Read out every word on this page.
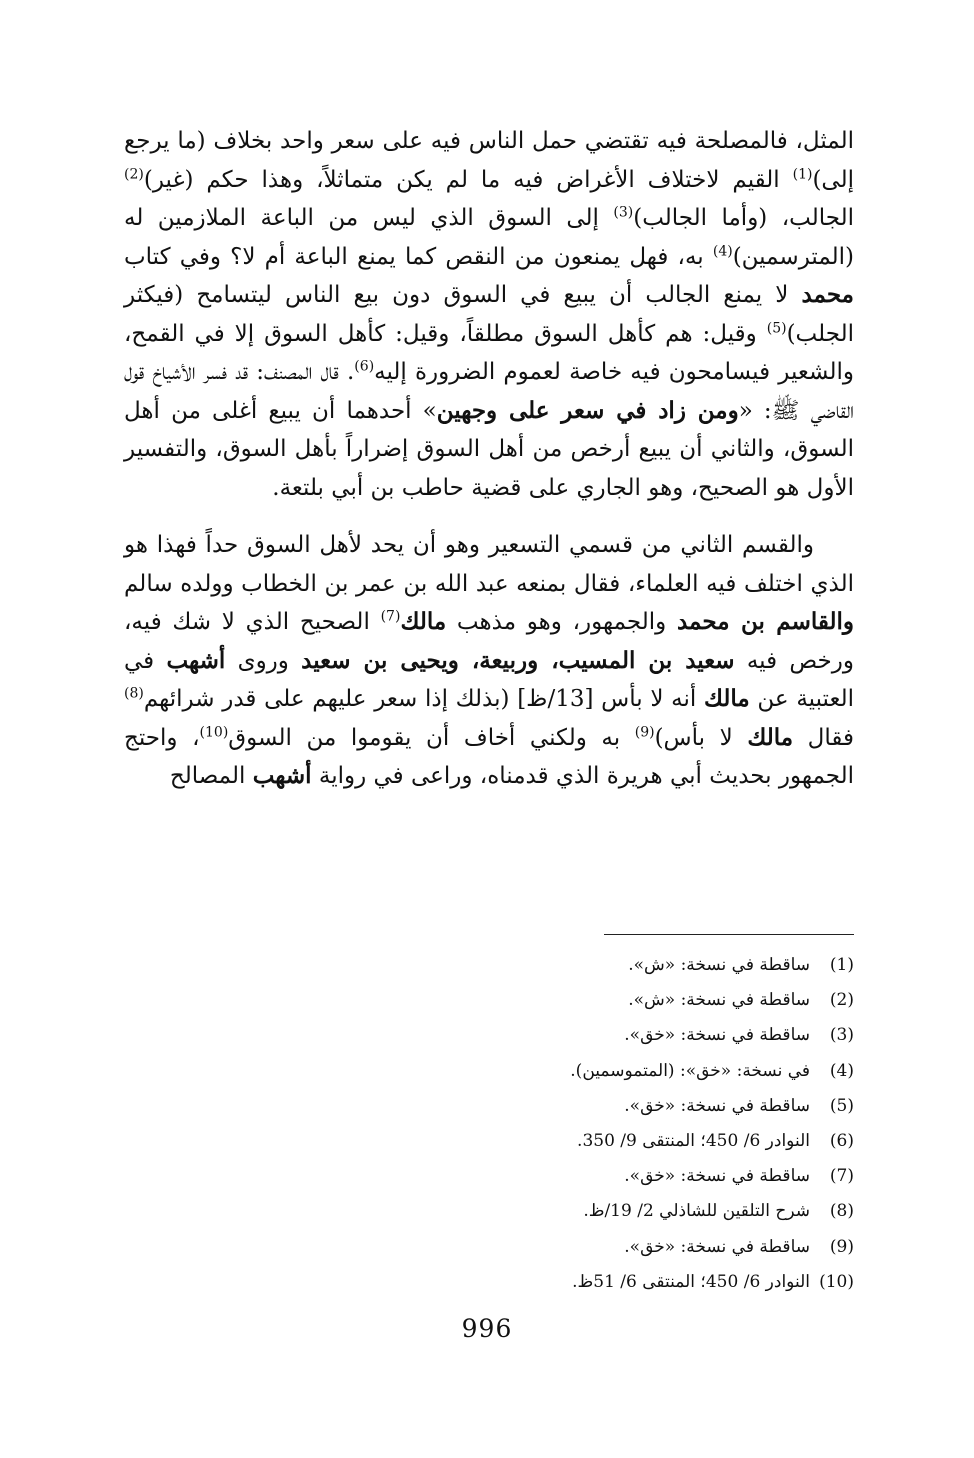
المثل، فالمصلحة فيه تقتضي حمل الناس فيه على سعر واحد بخلاف (ما يرجع إلى)$^{(1)}$ القيم لاختلاف الأغراض فيه ما لم يكن متماثلاً، وهذا حكم (غير)$^{(2)}$ الجالب، (وأما الجالب)$^{(3)}$ إلى السوق الذي ليس من الباعة الملازمين له (المترسمين)$^{(4)}$ به، فهل يمنعون من النقص كما يمنع الباعة أم لا؟ وفي كتاب محمد لا يمنع الجالب أن يبيع في السوق دون بيع الناس ليتسامح (فيكثر الجلب)$^{(5)}$ وقيل: هم كأهل السوق مطلقاً، وقيل: كأهل السوق إلا في القمح، والشعير فيسامحون فيه خاصة لعموم الضرورة إليه$^{(6)}$. قال المصنف: قد فسر الأشياخ قول القاضي ﷺ: «ومن زاد في سعر على وجهين» أحدهما أن يبيع أغلى من أهل السوق، والثاني أن يبيع أرخص من أهل السوق إضراراً بأهل السوق، والتفسير الأول هو الصحيح، وهو الجاري على قضية حاطب بن أبي بلتعة.

والقسم الثاني من قسمي التسعير وهو أن يحد لأهل السوق حداً فهذا هو الذي اختلف فيه العلماء، فقال بمنعه عبد الله بن عمر بن الخطاب وولده سالم والقاسم بن محمد والجمهور، وهو مذهب مالك$^{(7)}$ الصحيح الذي لا شك فيه، ورخص فيه سعيد بن المسيب، وربيعة، ويحيى بن سعيد وروى أشهب في العتبية عن مالك أنه لا بأس [13/ظ] (بذلك إذا سعر عليهم على قدر شرائهم$^{(8)}$ فقال مالك لا بأس)$^{(9)}$ به ولكني أخاف أن يقوموا من السوق$^{(10)}$، واحتج الجمهور بحديث أبي هريرة الذي قدمناه، وراعى في رواية أشهب المصالح

(1)ساقطة في نسخة: «ش».
(2)ساقطة في نسخة: «ش».
(3)ساقطة في نسخة: «خق».
(4)في نسخة: «خق»: (المتموسمين).
(5)ساقطة في نسخة: «خق».
(6)النوادر 6/ 450؛ المنتقى 9/ 350.
(7)ساقطة في نسخة: «خق».
(8)شرح التلقين للشاذلي 2/ 19/ظ.
(9)ساقطة في نسخة: «خق».
(10)النوادر 6/ 450؛ المنتقى 6/ 51ظ.
996
